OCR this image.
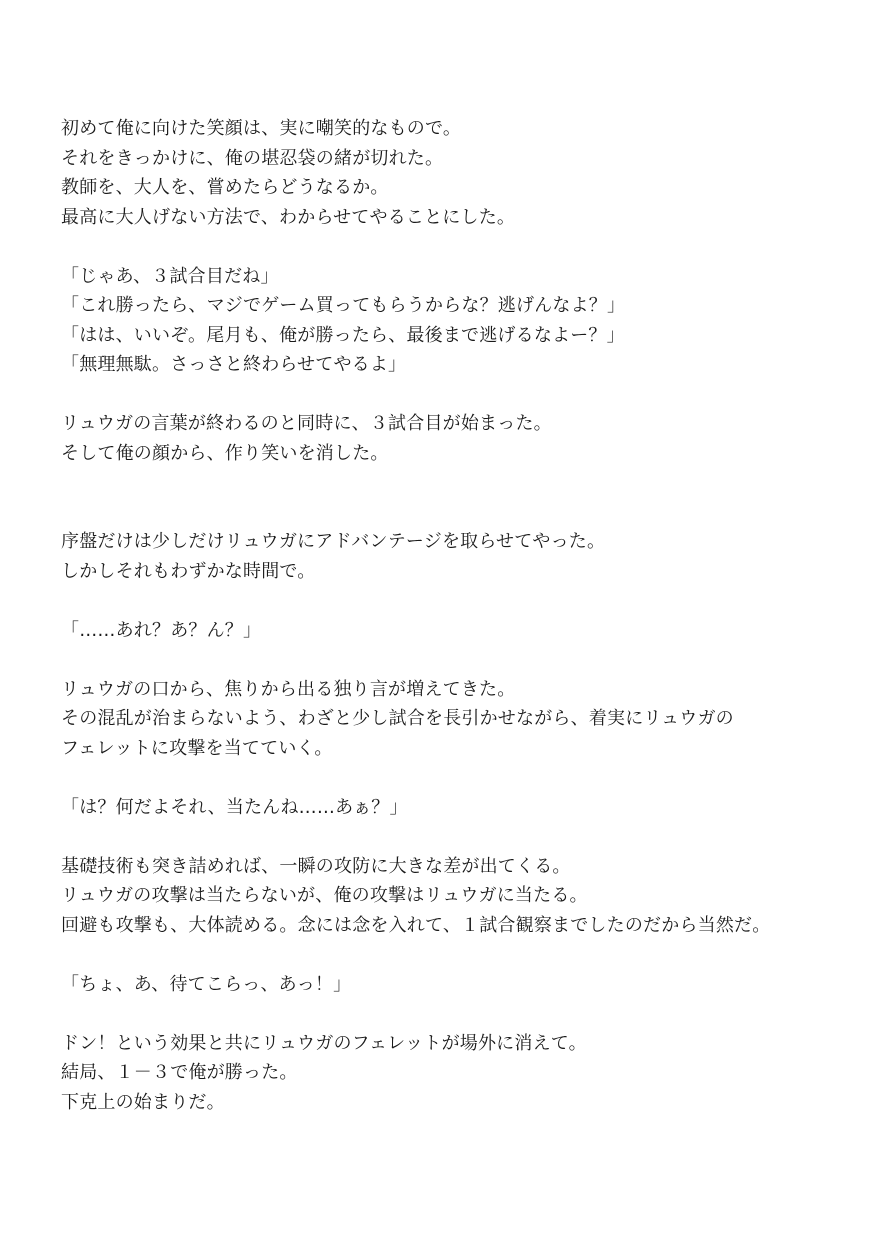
初めて俺に向けた笑顔は、実に嘲笑的なもので。
それをきっかけに、俺の堪忍袋の緒が切れた。
教師を、大人を、嘗めたらどうなるか。
最高に大人げない方法で、わからせてやることにした。
「じゃあ、３試合目だね」
「これ勝ったら、マジでゲーム買ってもらうからな？逃げんなよ？」
「はは、いいぞ。尾月も、俺が勝ったら、最後まで逃げるなよー？」
「無理無駄。さっさと終わらせてやるよ」
リュウガの言葉が終わるのと同時に、３試合目が始まった。
そして俺の顔から、作り笑いを消した。
序盤だけは少しだけリュウガにアドバンテージを取らせてやった。
しかしそれもわずかな時間で。
「……あれ？あ？ん？」
リュウガの口から、焦りから出る独り言が増えてきた。
その混乱が治まらないよう、わざと少し試合を長引かせながら、着実にリュウガの
フェレットに攻撃を当てていく。
「は？何だよそれ、当たんね……あぁ？」
基礎技術も突き詰めれば、一瞬の攻防に大きな差が出てくる。
リュウガの攻撃は当たらないが、俺の攻撃はリュウガに当たる。
回避も攻撃も、大体読める。念には念を入れて、１試合観察までしたのだから当然だ。
「ちょ、あ、待てこらっ、あっ！」
ドン！という効果と共にリュウガのフェレットが場外に消えて。
結局、１－３で俺が勝った。
下克上の始まりだ。
